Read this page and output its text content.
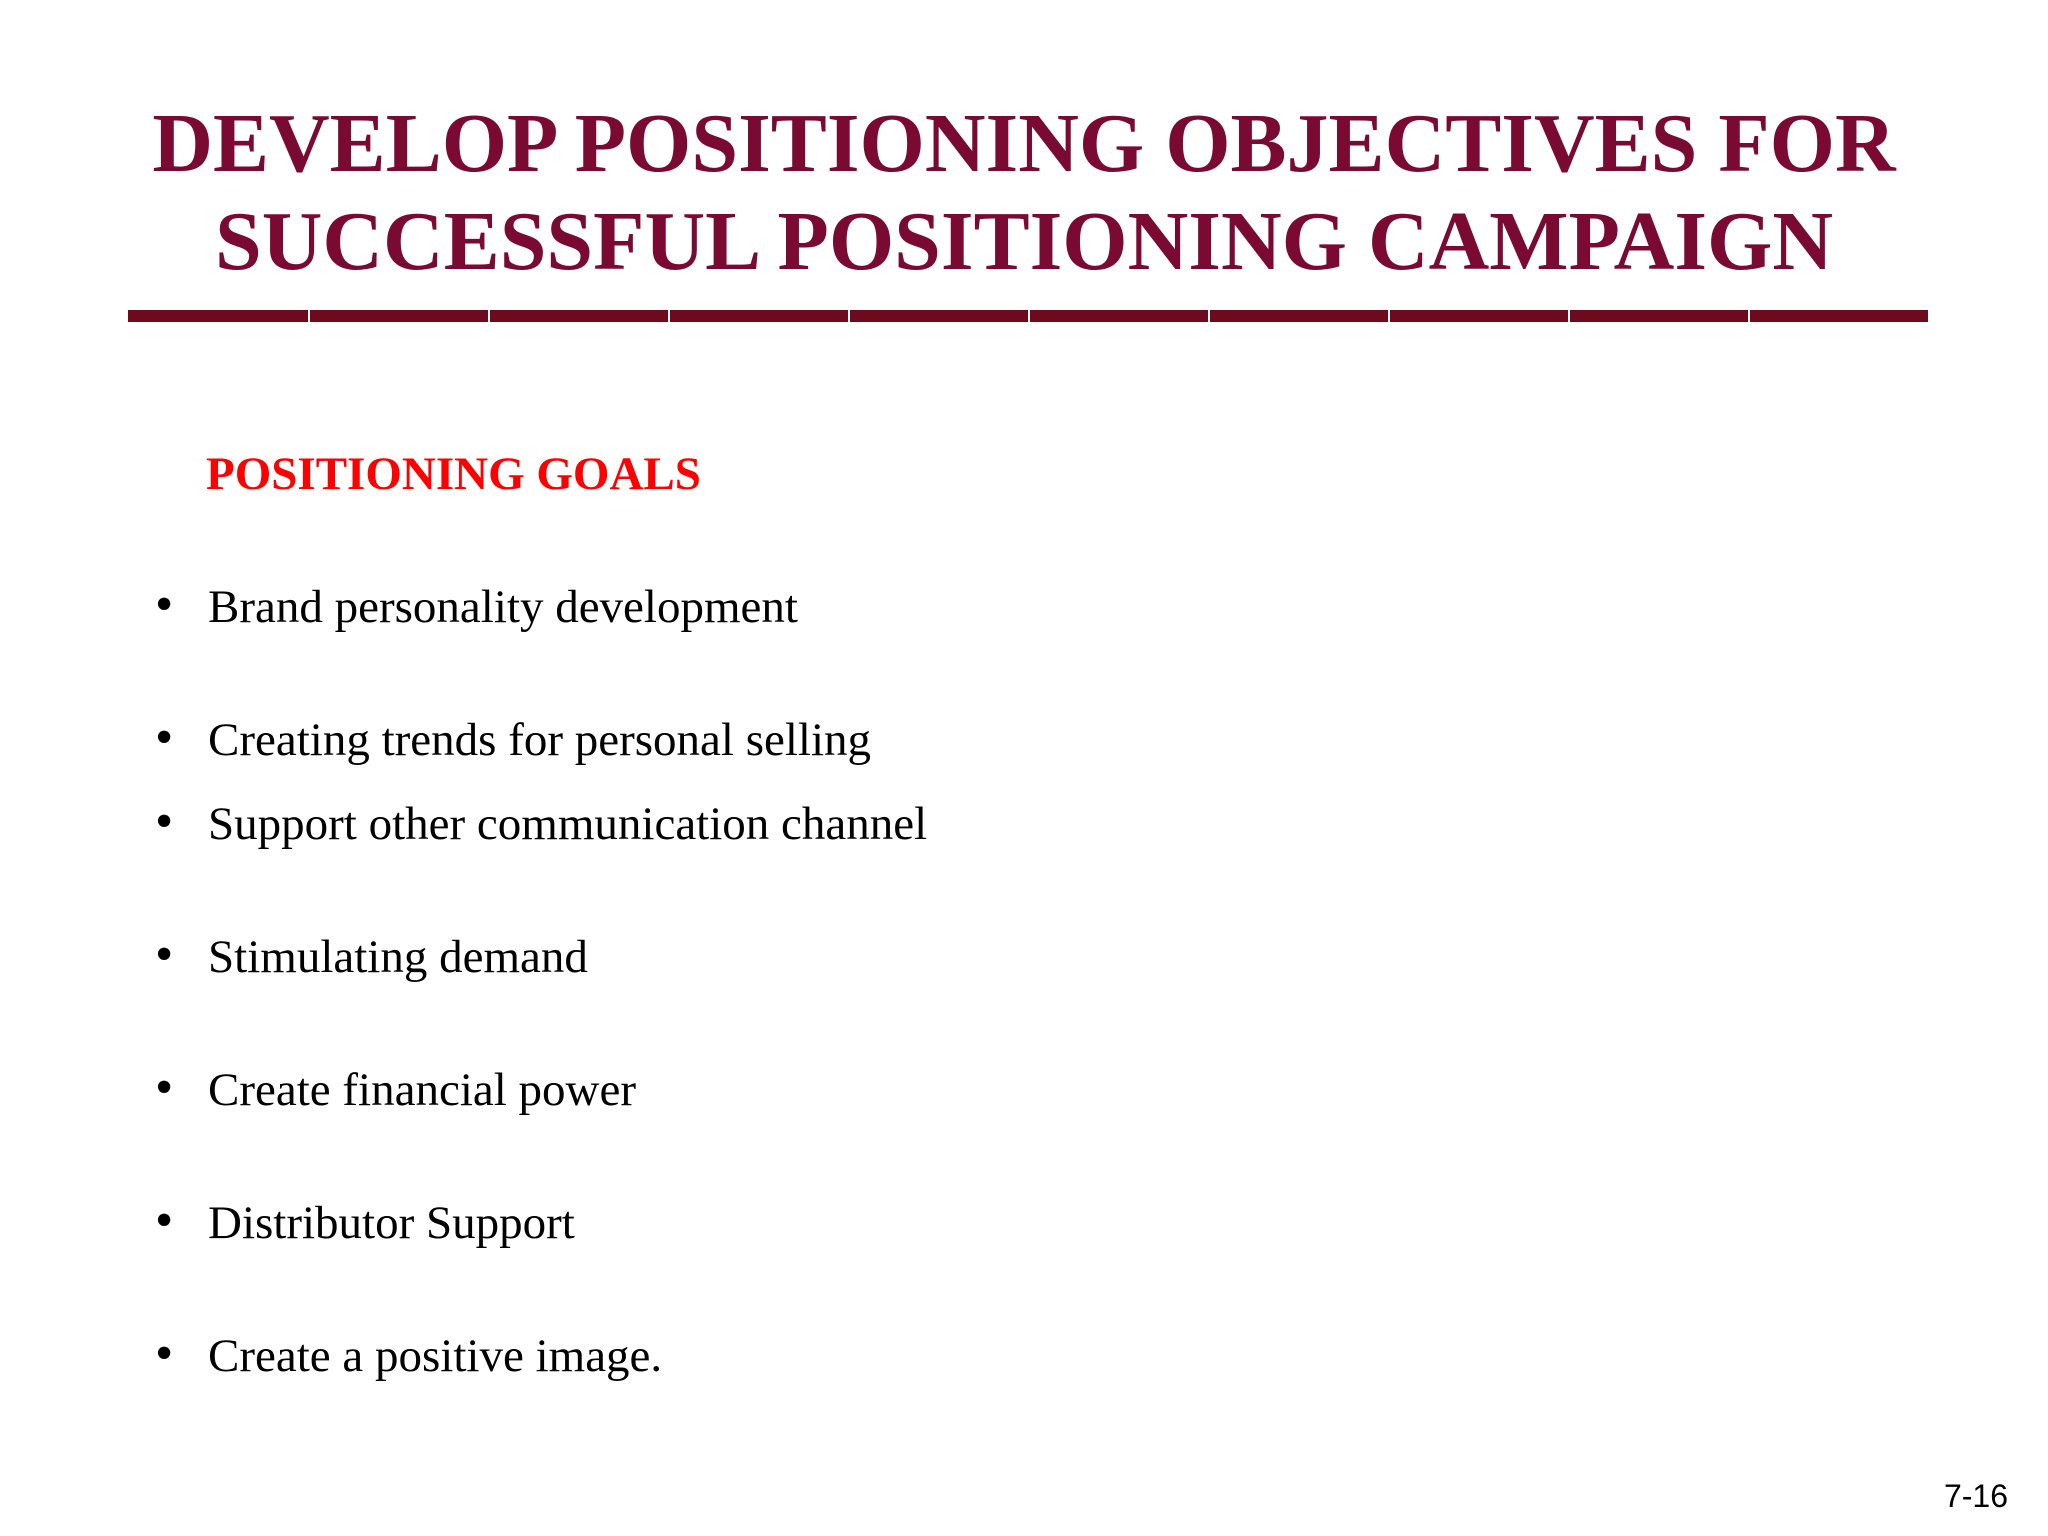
DEVELOP POSITIONING OBJECTIVES FOR
SUCCESSFUL POSITIONING CAMPAIGN
POSITIONING GOALS
• Brand personality development
• Creating trends for personal selling
• Support other communication channel
• Stimulating demand
• Create financial power
• Distributor Support
• Create a positive image.
7-16
